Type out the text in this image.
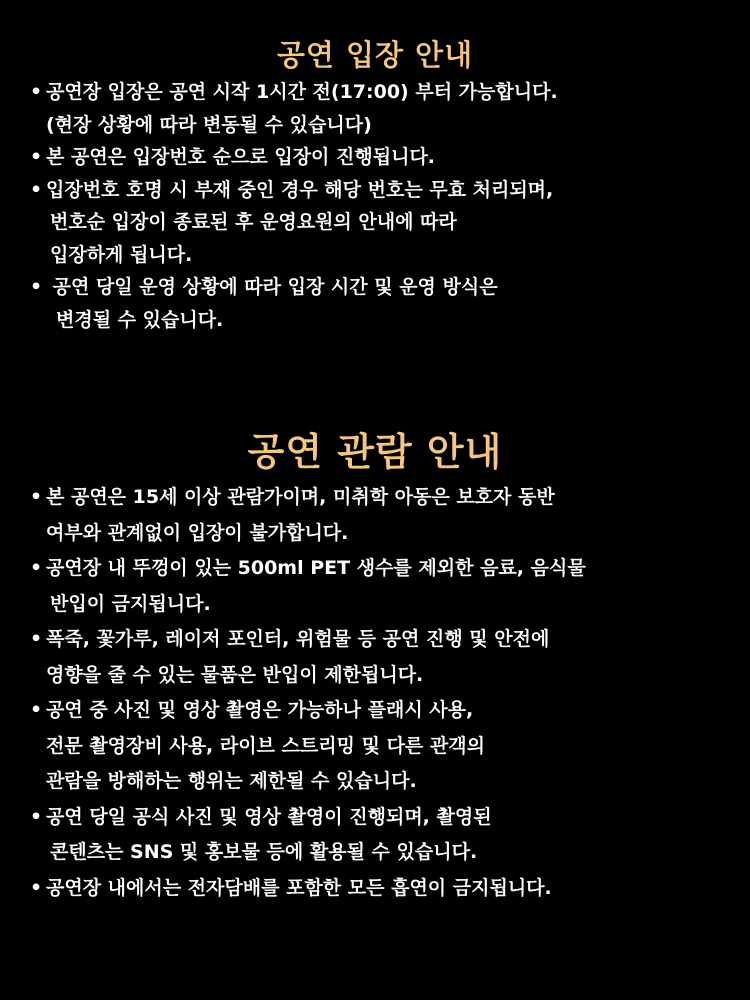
공연 입장 안내
• 공연장 입장은 공연 시작 1시간 전(17:00) 부터 가능합니다.
(현장 상황에 따라 변동될 수 있습니다)
• 본 공연은 입장번호 순으로 입장이 진행됩니다.
• 입장번호 호명 시 부재 중인 경우 해당 번호는 무효 처리되며,
번호순 입장이 종료된 후 운영요원의 안내에 따라
입장하게 됩니다.
• 공연 당일 운영 상황에 따라 입장 시간 및 운영 방식은
변경될 수 있습니다.
공연 관람 안내
• 본 공연은 15세 이상 관람가이며, 미취학 아동은 보호자 동반
여부와 관계없이 입장이 불가합니다.
• 공연장 내 뚜껑이 있는 500ml PET 생수를 제외한 음료, 음식물
반입이 금지됩니다.
• 폭죽, 꽃가루, 레이저 포인터, 위험물 등 공연 진행 및 안전에
영향을 줄 수 있는 물품은 반입이 제한됩니다.
• 공연 중 사진 및 영상 촬영은 가능하나 플래시 사용,
전문 촬영장비 사용, 라이브 스트리밍 및 다른 관객의
관람을 방해하는 행위는 제한될 수 있습니다.
• 공연 당일 공식 사진 및 영상 촬영이 진행되며, 촬영된
콘텐츠는 SNS 및 홍보물 등에 활용될 수 있습니다.
• 공연장 내에서는 전자담배를 포함한 모든 흡연이 금지됩니다.
